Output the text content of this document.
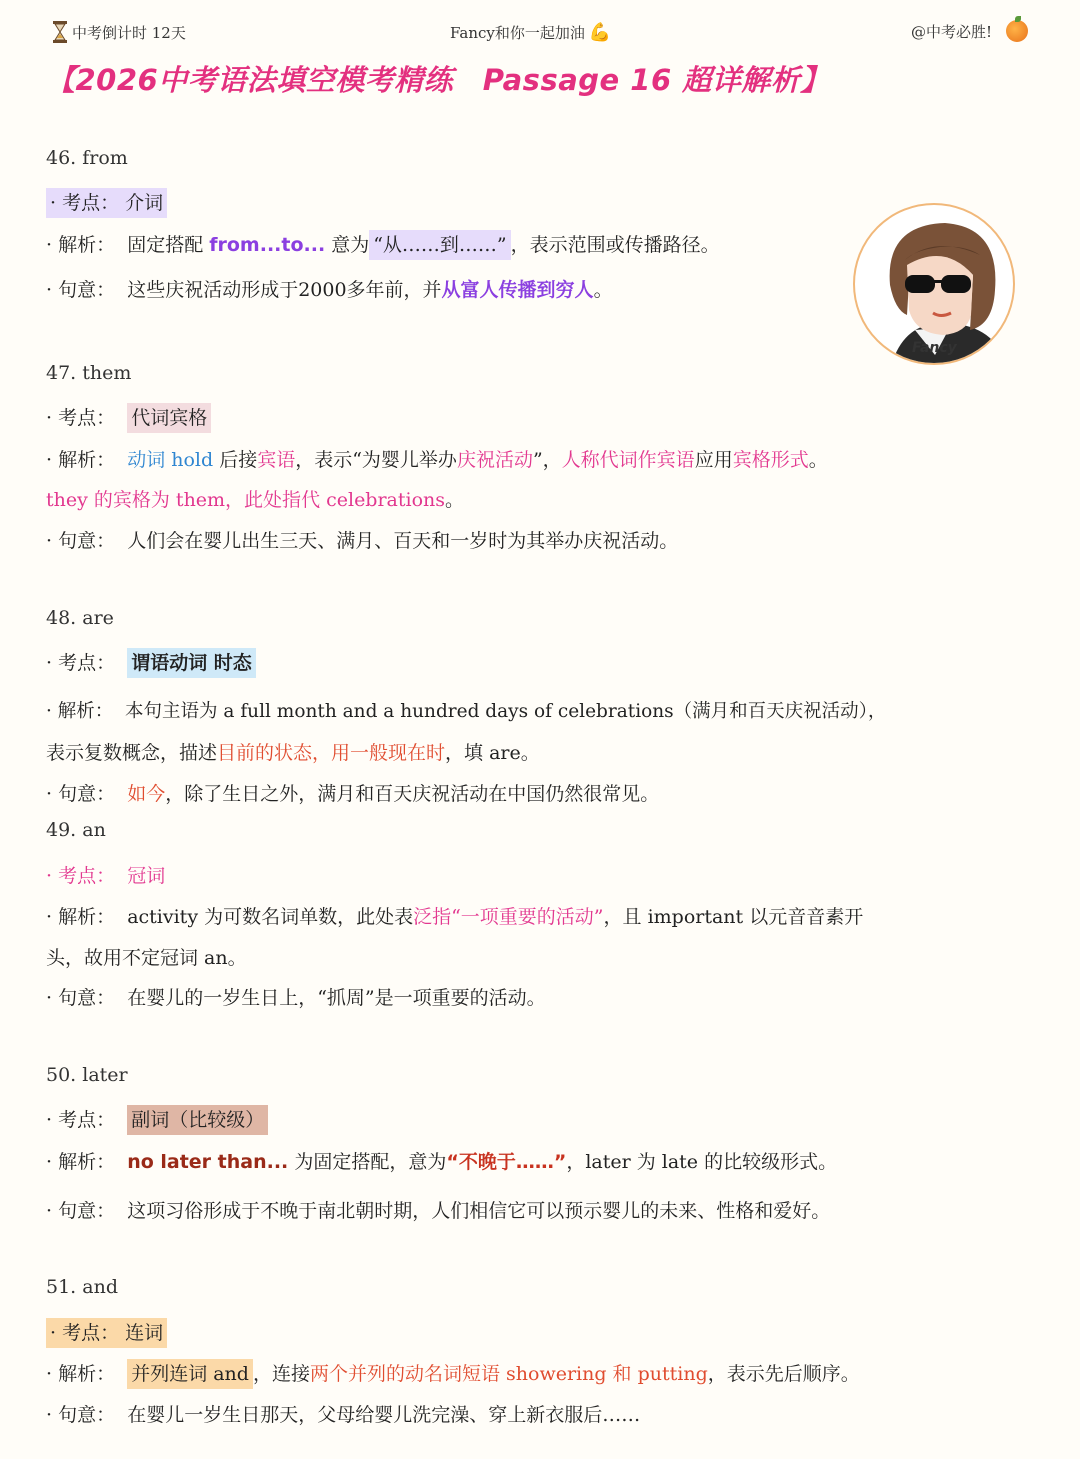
中考倒计时 12天	Fancy和你一起加油 💪	@中考必胜!
【2026中考语法填空模考精练　Passage 16 超详解析】
Fancy
46. from
· 考点： 介词
· 解析： 固定搭配 from...to... 意为 “从……到……” ，表示范围或传播路径。
· 句意： 这些庆祝活动形成于2000多年前，并从富人传播到穷人。
47. them
· 考点： 代词宾格
· 解析： 动词 hold 后接宾语，表示“为婴儿举办庆祝活动”，人称代词作宾语应用宾格形式。
they 的宾格为 them，此处指代 celebrations。
· 句意： 人们会在婴儿出生三天、满月、百天和一岁时为其举办庆祝活动。
48. are
· 考点： 谓语动词 时态
· 解析： 本句主语为 a full month and a hundred days of celebrations（满月和百天庆祝活动），
表示复数概念，描述目前的状态，用一般现在时，填 are。
· 句意： 如今，除了生日之外，满月和百天庆祝活动在中国仍然很常见。
49. an
· 考点： 冠词
· 解析： activity 为可数名词单数，此处表泛指“一项重要的活动”，且 important 以元音音素开
头，故用不定冠词 an。
· 句意： 在婴儿的一岁生日上，“抓周”是一项重要的活动。
50. later
· 考点： 副词（比较级）
· 解析： no later than... 为固定搭配，意为“不晚于……”，later 为 late 的比较级形式。
· 句意： 这项习俗形成于不晚于南北朝时期，人们相信它可以预示婴儿的未来、性格和爱好。
51. and
· 考点： 连词
· 解析： 并列连词 and ，连接两个并列的动名词短语 showering 和 putting，表示先后顺序。
· 句意： 在婴儿一岁生日那天，父母给婴儿洗完澡、穿上新衣服后……
